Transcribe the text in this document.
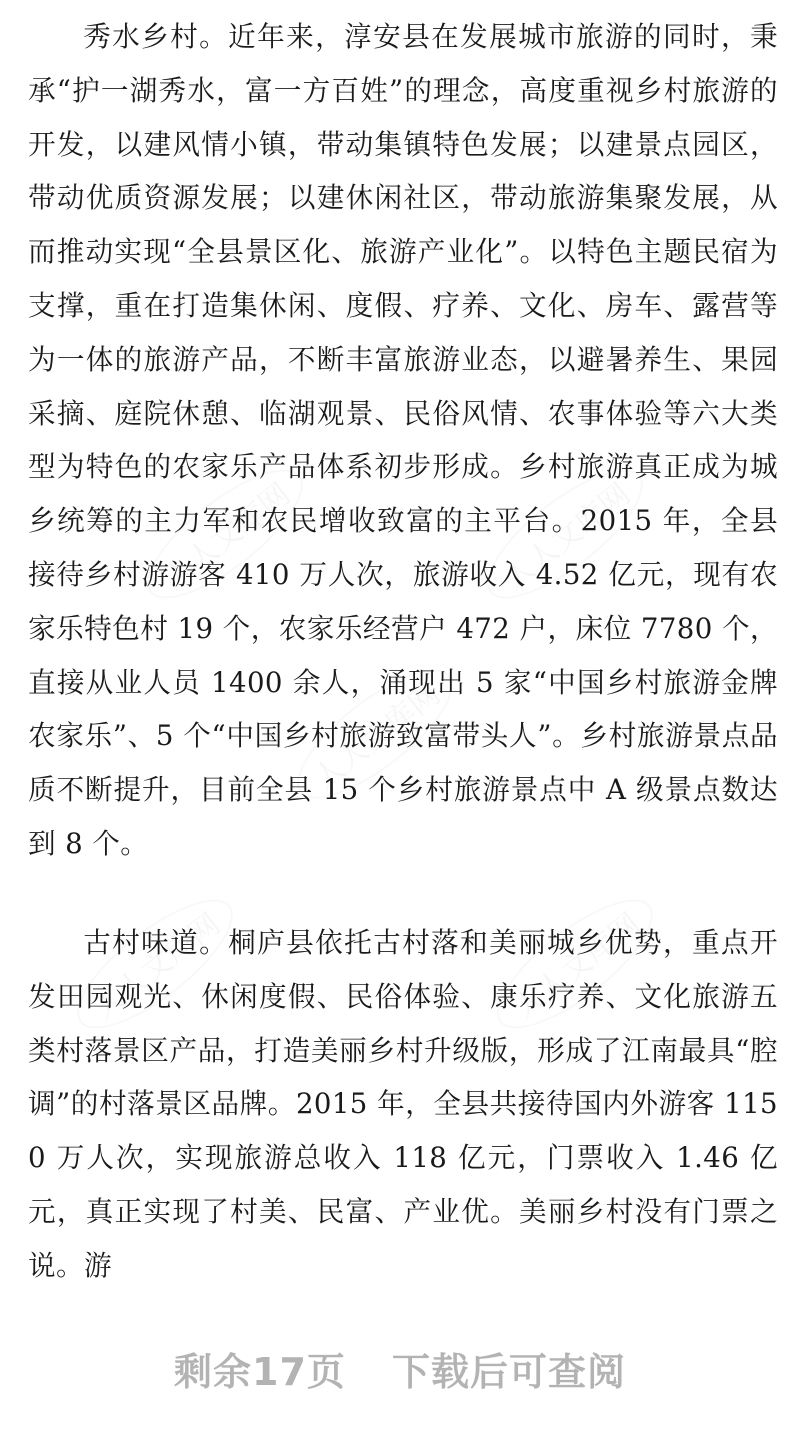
人人文库网
人人文库网
人人文库网
人人文库网
人人文库网

秀水乡村。近年来，淳安县在发展城市旅游的同时，秉承“护一湖秀水，富一方百姓”的理念，高度重视乡村旅游的开发，以建风情小镇，带动集镇特色发展；以建景点园区，带动优质资源发展；以建休闲社区，带动旅游集聚发展，从而推动实现“全县景区化、旅游产业化”。以特色主题民宿为支撑，重在打造集休闲、度假、疗养、文化、房车、露营等为一体的旅游产品，不断丰富旅游业态，以避暑养生、果园采摘、庭院休憩、临湖观景、民俗风情、农事体验等六大类型为特色的农家乐产品体系初步形成。乡村旅游真正成为城乡统筹的主力军和农民增收致富的主平台。2015 年，全县接待乡村游游客 410 万人次，旅游收入 4.52 亿元，现有农家乐特色村 19 个，农家乐经营户 472 户，床位 7780 个，直接从业人员 1400 余人，涌现出 5 家“中国乡村旅游金牌农家乐”、5 个“中国乡村旅游致富带头人”。乡村旅游景点品质不断提升，目前全县 15 个乡村旅游景点中 A 级景点数达到 8 个。

古村味道。桐庐县依托古村落和美丽城乡优势，重点开发田园观光、休闲度假、民俗体验、康乐疗养、文化旅游五类村落景区产品，打造美丽乡村升级版，形成了江南最具“腔调”的村落景区品牌。2015 年，全县共接待国内外游客 1150 万人次，实现旅游总收入 118 亿元，门票收入 1.46 亿元，真正实现了村美、民富、产业优。美丽乡村没有门票之说。游

剩余17页 下载后可查阅
